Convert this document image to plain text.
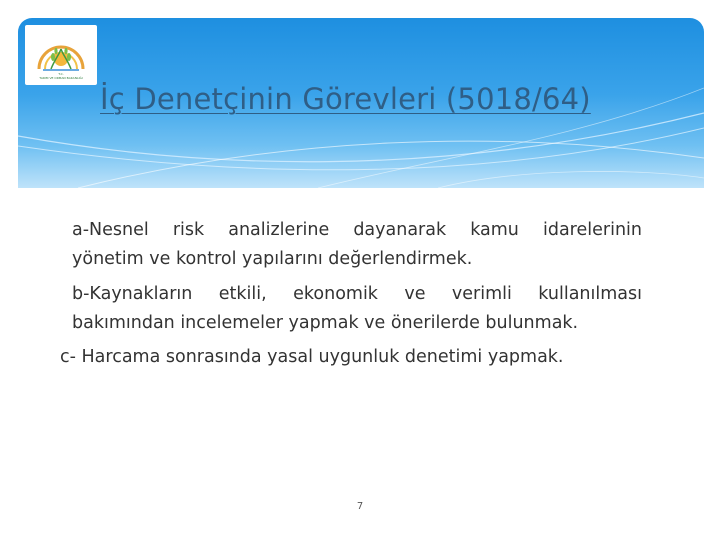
T.C.
TARIM VE ORMAN BAKANLIĞI
İç Denetçinin Görevleri (5018/64)
a-Nesnel risk analizlerine dayanarak kamu idarelerinin
yönetim ve kontrol yapılarını değerlendirmek.
b-Kaynakların etkili, ekonomik ve verimli kullanılması
bakımından incelemeler yapmak ve önerilerde bulunmak.
c- Harcama sonrasında yasal uygunluk denetimi yapmak.
7
